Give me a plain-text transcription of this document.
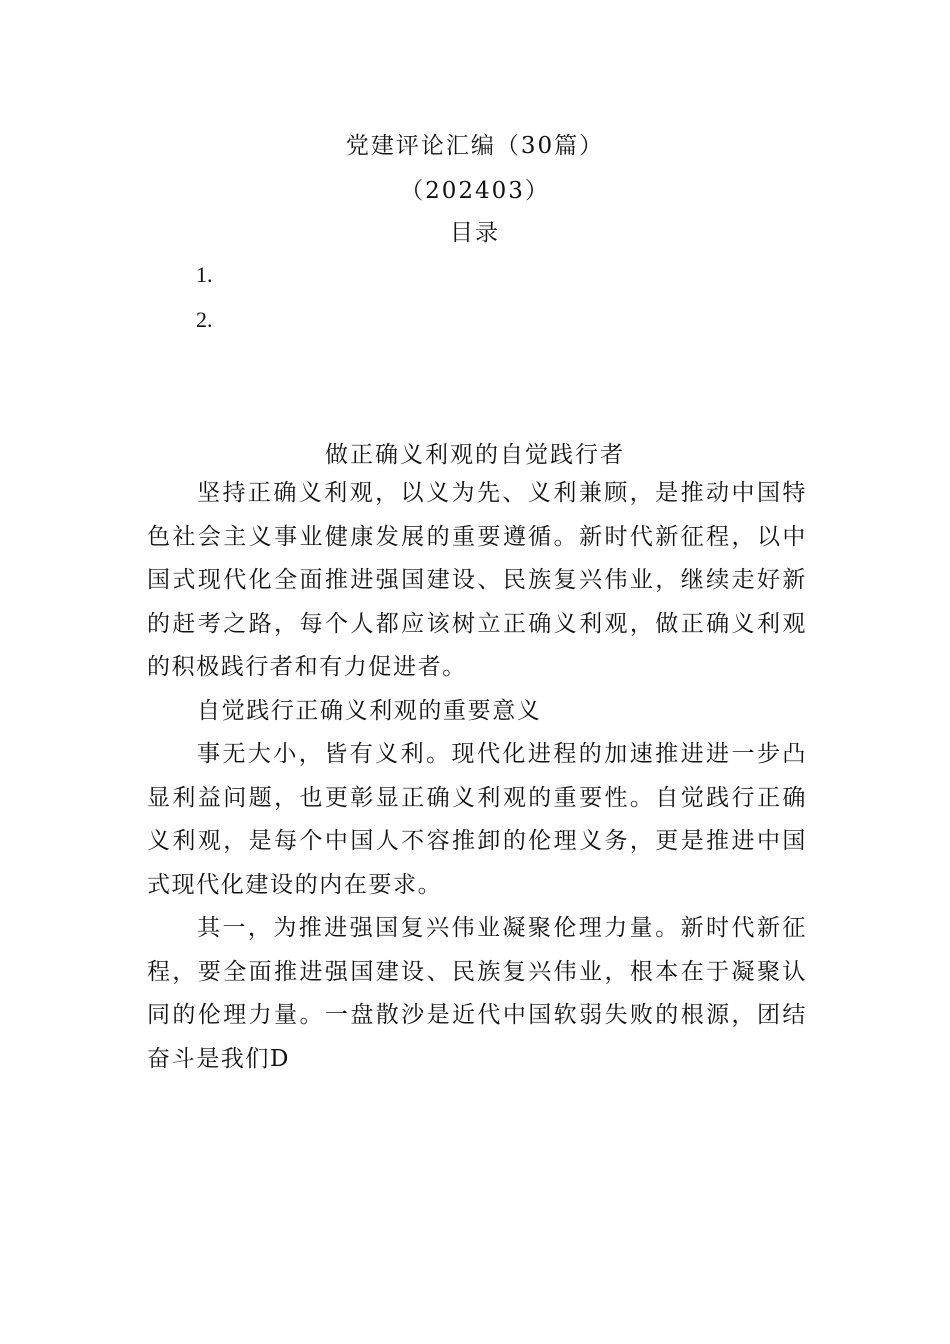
党建评论汇编（30篇）
（202403）
目录
1.
2.
做正确义利观的自觉践行者

坚持正确义利观，以义为先、义利兼顾，是推动中国特色社会主义事业健康发展的重要遵循。新时代新征程，以中国式现代化全面推进强国建设、民族复兴伟业，继续走好新的赶考之路，每个人都应该树立正确义利观，做正确义利观的积极践行者和有力促进者。

自觉践行正确义利观的重要意义

事无大小，皆有义利。现代化进程的加速推进进一步凸显利益问题，也更彰显正确义利观的重要性。自觉践行正确义利观，是每个中国人不容推卸的伦理义务，更是推进中国式现代化建设的内在要求。

其一，为推进强国复兴伟业凝聚伦理力量。新时代新征程，要全面推进强国建设、民族复兴伟业，根本在于凝聚认同的伦理力量。一盘散沙是近代中国软弱失败的根源，团结奋斗是我们D
